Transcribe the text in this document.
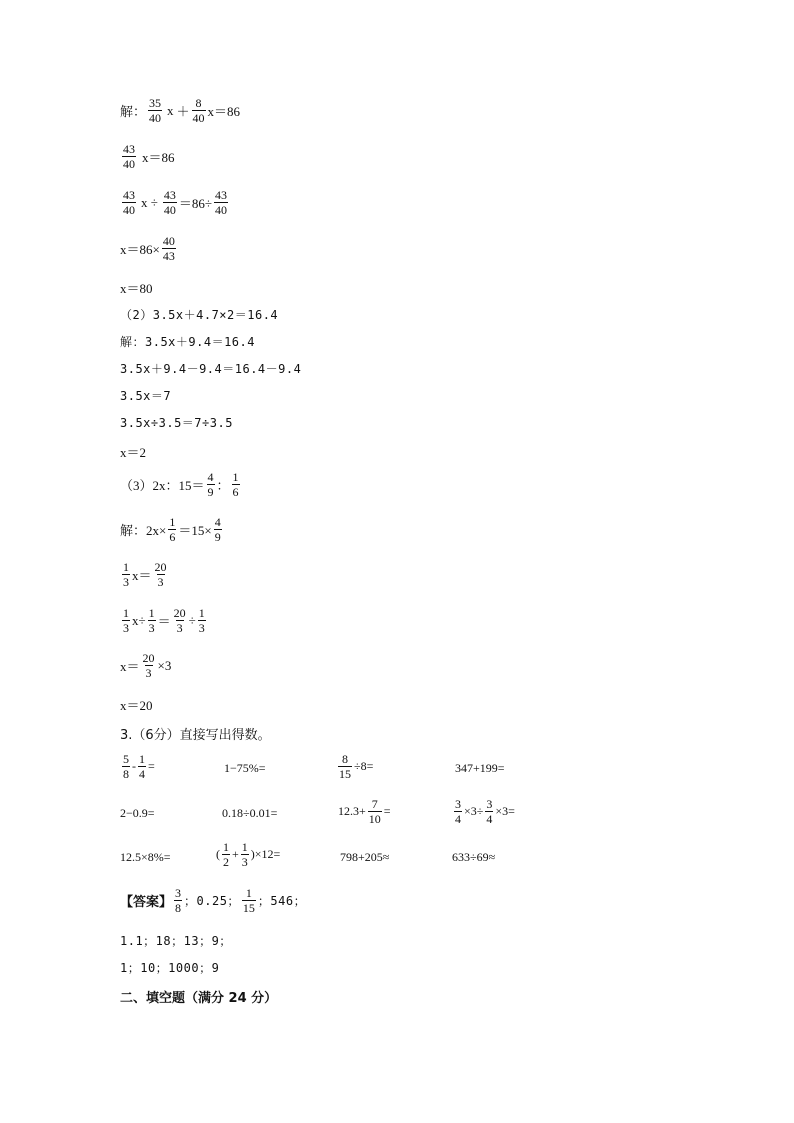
解： $\frac{35}{40}$ $x + \frac{8}{40} x=86$
$\frac{43}{40} x=86$
$\frac{43}{40}$ $x \div \frac{43}{40} =86\div \frac{43}{40}$
$x=86\times \frac{40}{43}$
x＝80
（2）3.5x＋4.7×2＝16.4
解：3.5x＋9.4＝16.4
3.5x＋9.4－9.4＝16.4－9.4
3.5x＝7
3.5x÷3.5＝7÷3.5
x＝2
（3）2x：$15= \frac{4}{9}$ ： $\frac{1}{6}$
解：$2x\times \frac{1}{6} =15\times \frac{4}{9}$
$\frac{1}{3} x= \frac{20}{3}$
$\frac{1}{3} x\div \frac{1}{3} = \frac{20}{3} \div \frac{1}{3}$
$x= \frac{20}{3} \times 3$
x＝20
3.（6分）直接写出得数。
$\frac{5}{8} - \frac{1}{4}$ =	1−75%=	$\frac{8}{15} \div 8=$	347+199=
2−0.9=	0.18÷0.01=	$12.3+ \frac{7}{10}$ =	$\frac{3}{4} \times 3\div \frac{3}{4} \times 3=$
12.5×8%=	( $\frac{1}{2} + \frac{1}{3} )\times 12=$	798+205≈	633÷69≈
【答案】 $\frac{3}{8}$ ；0.25； $\frac{1}{15}$ ；546；
1.1；18；13；9；
1；10；1000；9
二、填空题（满分 24 分）
